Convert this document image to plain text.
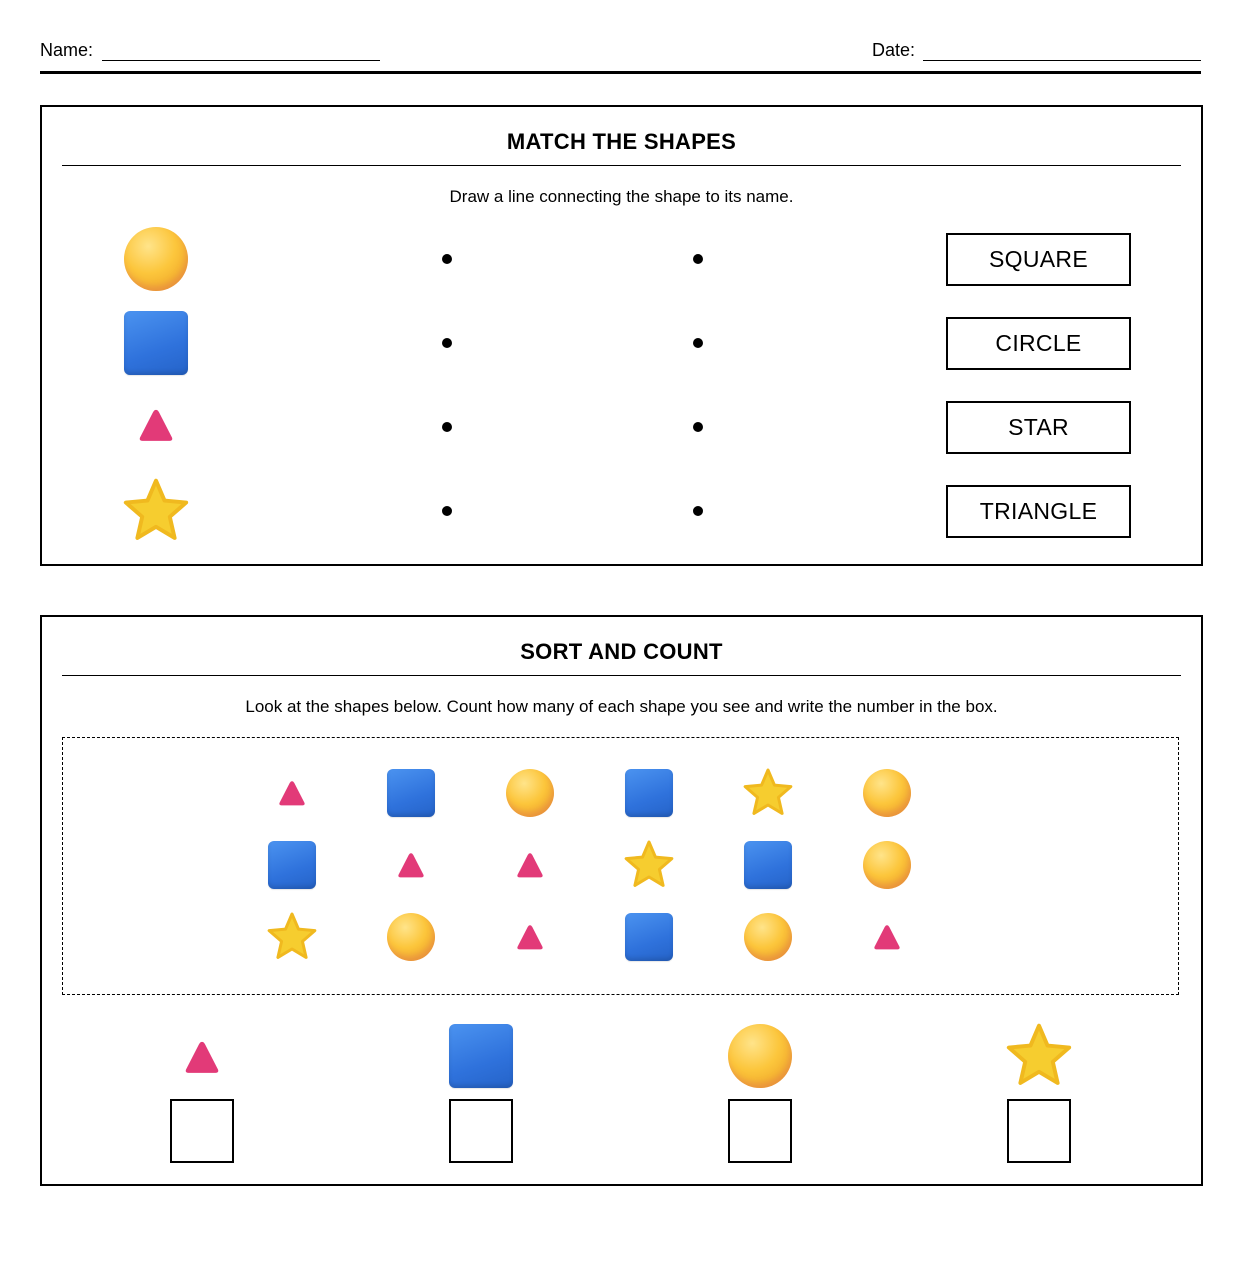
Name:	Date:
MATCH THE SHAPES
Draw a line connecting the shape to its name.
SQUARE
CIRCLE
STAR
TRIANGLE
SORT AND COUNT
Look at the shapes below. Count how many of each shape you see and write the number in the box.
